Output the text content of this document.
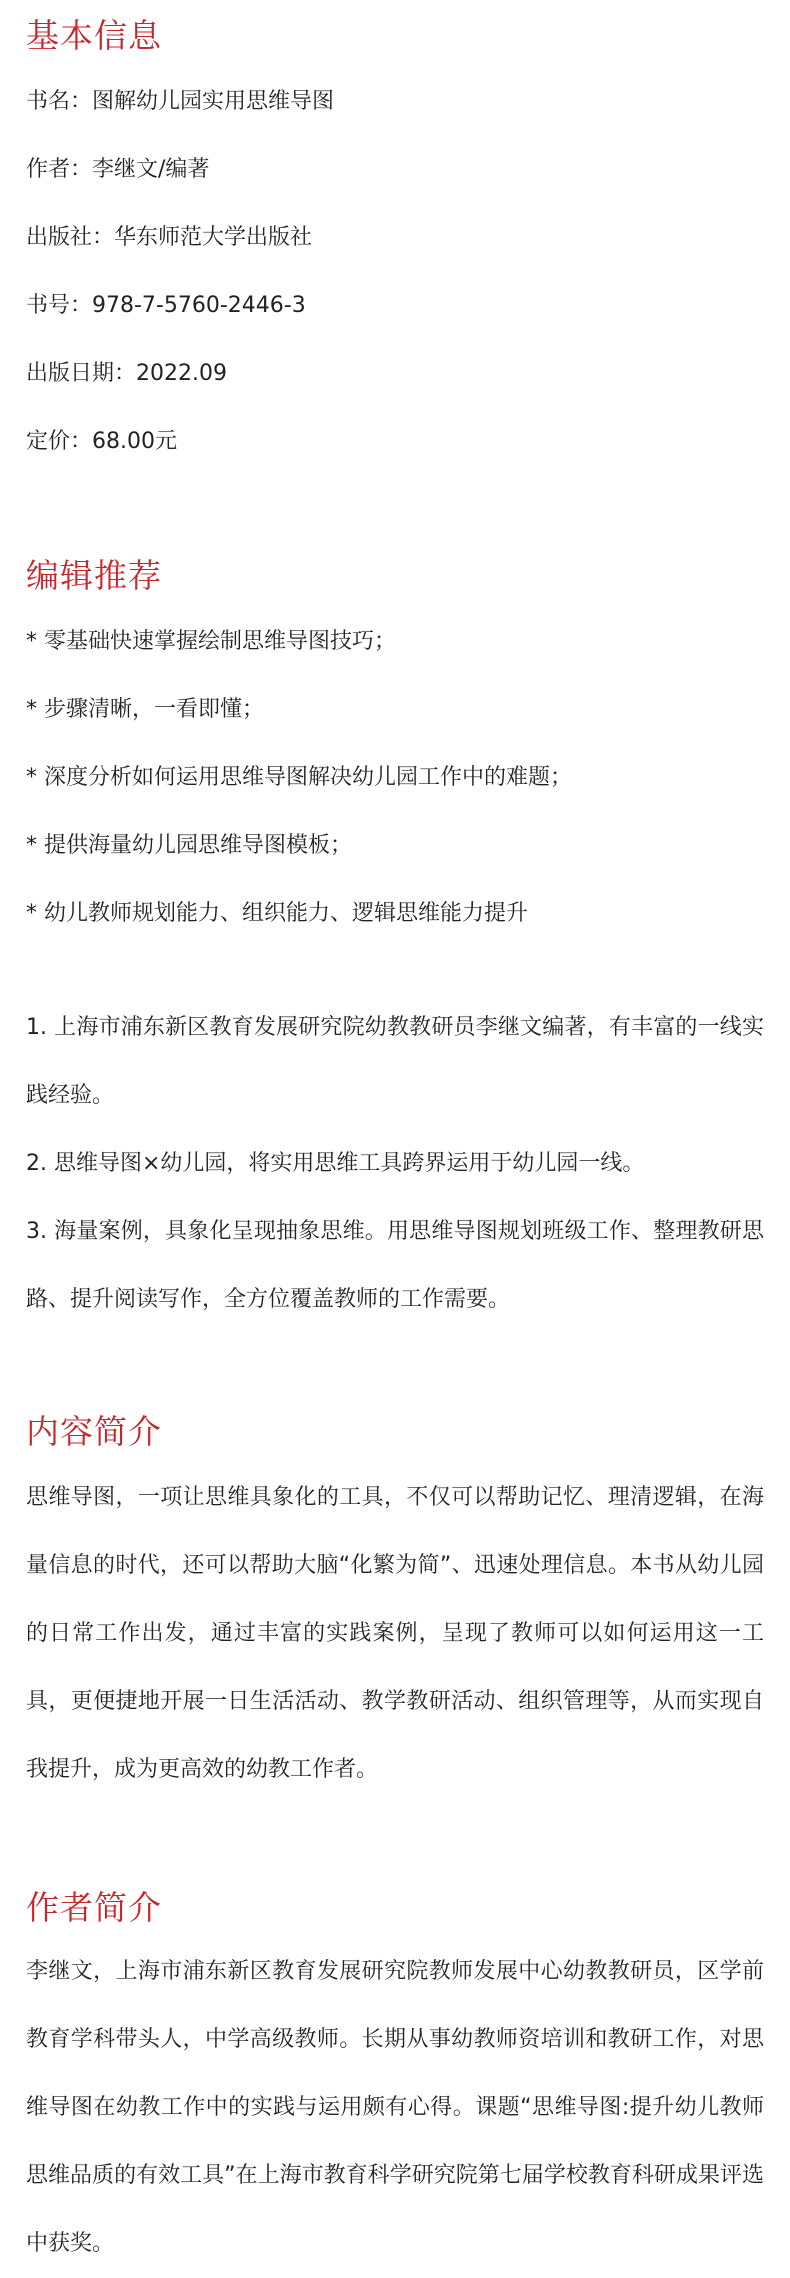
基本信息

书名：图解幼儿园实用思维导图

作者：李继文/编著

出版社：华东师范大学出版社

书号：978-7-5760-2446-3

出版日期：2022.09

定价：68.00元

编辑推荐

* 零基础快速掌握绘制思维导图技巧；

* 步骤清晰，一看即懂；

* 深度分析如何运用思维导图解决幼儿园工作中的难题；

* 提供海量幼儿园思维导图模板；

* 幼儿教师规划能力、组织能力、逻辑思维能力提升

1. 上海市浦东新区教育发展研究院幼教教研员李继文编著，有丰富的一线实践经验。

2. 思维导图×幼儿园，将实用思维工具跨界运用于幼儿园一线。

3. 海量案例，具象化呈现抽象思维。用思维导图规划班级工作、整理教研思路、提升阅读写作，全方位覆盖教师的工作需要。

内容简介

思维导图，一项让思维具象化的工具，不仅可以帮助记忆、理清逻辑，在海量信息的时代，还可以帮助大脑“化繁为简”、迅速处理信息。本书从幼儿园的日常工作出发，通过丰富的实践案例，呈现了教师可以如何运用这一工具，更便捷地开展一日生活活动、教学教研活动、组织管理等，从而实现自我提升，成为更高效的幼教工作者。

作者简介

李继文，上海市浦东新区教育发展研究院教师发展中心幼教教研员，区学前教育学科带头人，中学高级教师。长期从事幼教师资培训和教研工作，对思维导图在幼教工作中的实践与运用颇有心得。课题“思维导图:提升幼儿教师思维品质的有效工具”在上海市教育科学研究院第七届学校教育科研成果评选中获奖。
